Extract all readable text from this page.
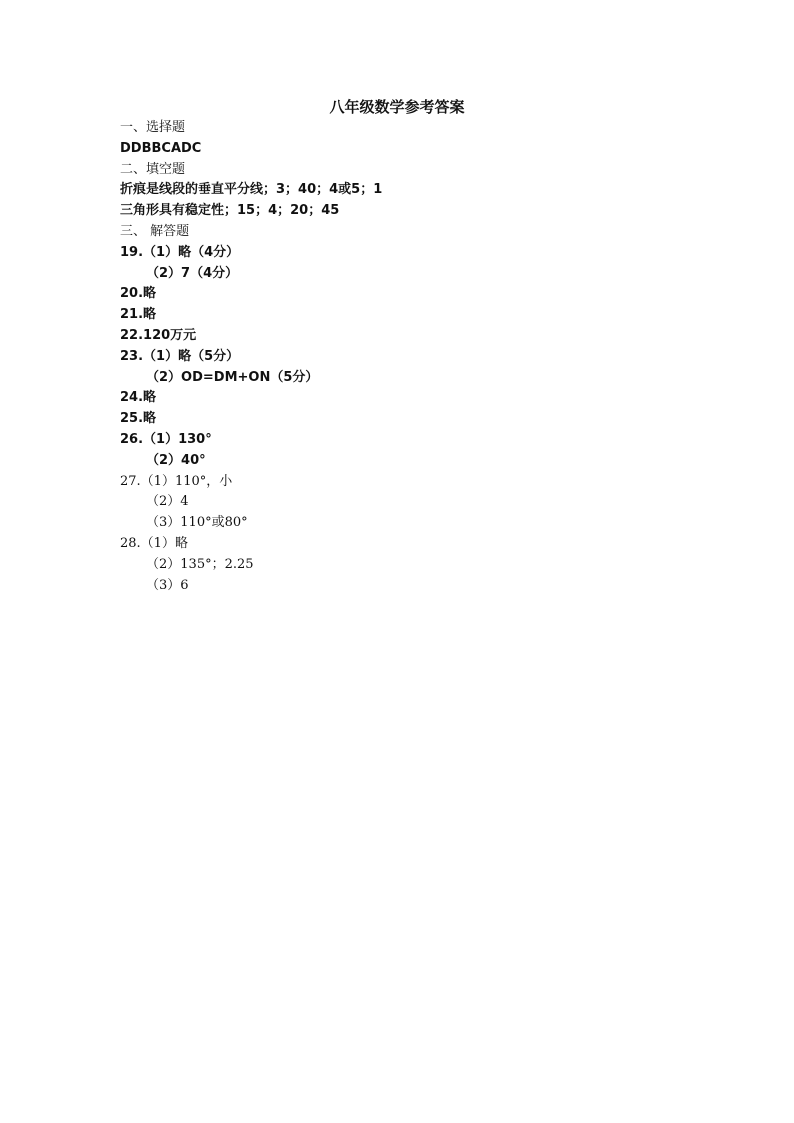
八年级数学参考答案
一、选择题
DDBBCADC
二、填空题
折痕是线段的垂直平分线；3；40；4或5；1
三角形具有稳定性；15；4；20；45
三、 解答题
19.（1）略（4分）
（2）7（4分）
20.略
21.略
22.120万元
23.（1）略（5分）
（2）OD=DM+ON（5分）
24.略
25.略
26.（1）130°
（2）40°
27.（1）110°，小
（2）4
（3）110°或80°
28.（1）略
（2）135°；2.25
（3）6
